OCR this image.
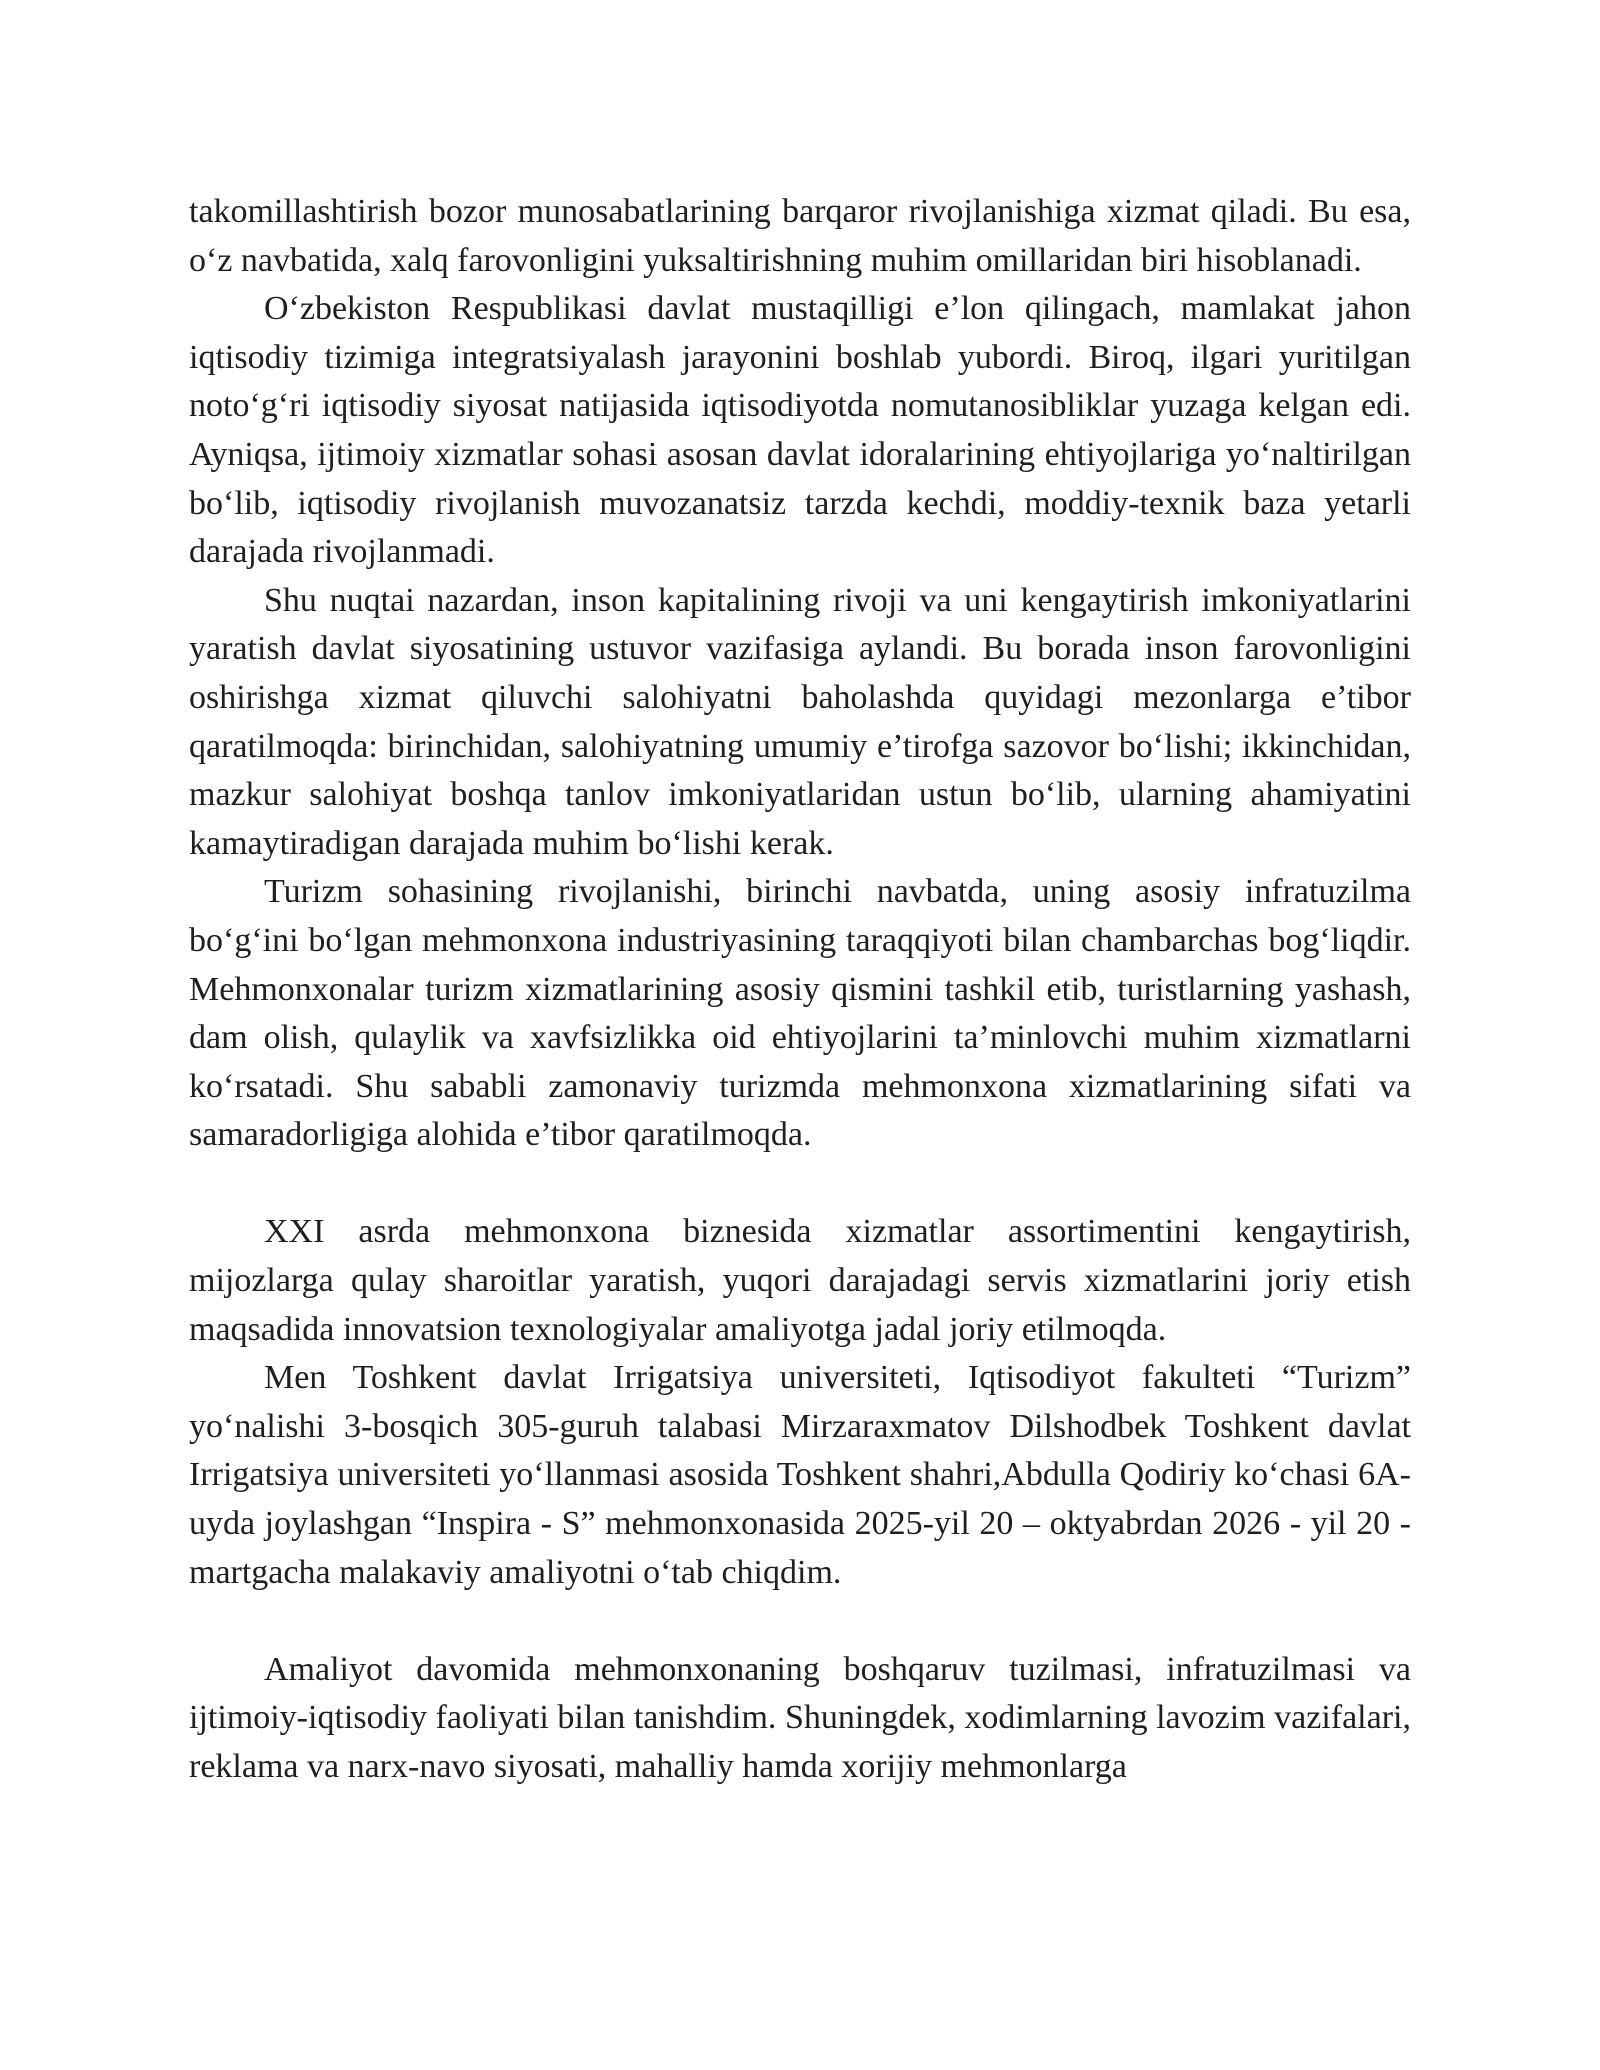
takomillashtirish bozor munosabatlarining barqaror rivojlanishiga xizmat qiladi. Bu esa, o‘z navbatida, xalq farovonligini yuksaltirishning muhim omillaridan biri hisoblanadi.

O‘zbekiston Respublikasi davlat mustaqilligi e’lon qilingach, mamlakat jahon iqtisodiy tizimiga integratsiyalash jarayonini boshlab yubordi. Biroq, ilgari yuritilgan noto‘g‘ri iqtisodiy siyosat natijasida iqtisodiyotda nomutanosibliklar yuzaga kelgan edi. Ayniqsa, ijtimoiy xizmatlar sohasi asosan davlat idoralarining ehtiyojlariga yo‘naltirilgan bo‘lib, iqtisodiy rivojlanish muvozanatsiz tarzda kechdi, moddiy-texnik baza yetarli darajada rivojlanmadi.

Shu nuqtai nazardan, inson kapitalining rivoji va uni kengaytirish imkoniyatlarini yaratish davlat siyosatining ustuvor vazifasiga aylandi. Bu borada inson farovonligini oshirishga xizmat qiluvchi salohiyatni baholashda quyidagi mezonlarga e’tibor qaratilmoqda: birinchidan, salohiyatning umumiy e’tirofga sazovor bo‘lishi; ikkinchidan, mazkur salohiyat boshqa tanlov imkoniyatlaridan ustun bo‘lib, ularning ahamiyatini kamaytiradigan darajada muhim bo‘lishi kerak.

Turizm sohasining rivojlanishi, birinchi navbatda, uning asosiy infratuzilma bo‘g‘ini bo‘lgan mehmonxona industriyasining taraqqiyoti bilan chambarchas bog‘liqdir. Mehmonxonalar turizm xizmatlarining asosiy qismini tashkil etib, turistlarning yashash, dam olish, qulaylik va xavfsizlikka oid ehtiyojlarini ta’minlovchi muhim xizmatlarni ko‘rsatadi. Shu sababli zamonaviy turizmda mehmonxona xizmatlarining sifati va samaradorligiga alohida e’tibor qaratilmoqda.

XXI asrda mehmonxona biznesida xizmatlar assortimentini kengaytirish, mijozlarga qulay sharoitlar yaratish, yuqori darajadagi servis xizmatlarini joriy etish maqsadida innovatsion texnologiyalar amaliyotga jadal joriy etilmoqda.

Men Toshkent davlat Irrigatsiya universiteti, Iqtisodiyot fakulteti “Turizm” yo‘nalishi 3-bosqich 305-guruh talabasi Mirzaraxmatov Dilshodbek Toshkent davlat Irrigatsiya universiteti yo‘llanmasi asosida Toshkent shahri,Abdulla Qodiriy ko‘chasi 6A-uyda joylashgan “Inspira - S” mehmonxonasida 2025-yil 20 – oktyabrdan 2026 - yil 20 -martgacha malakaviy amaliyotni o‘tab chiqdim.

Amaliyot davomida mehmonxonaning boshqaruv tuzilmasi, infratuzilmasi va ijtimoiy-iqtisodiy faoliyati bilan tanishdim. Shuningdek, xodimlarning lavozim vazifalari, reklama va narx-navo siyosati, mahalliy hamda xorijiy mehmonlarga
